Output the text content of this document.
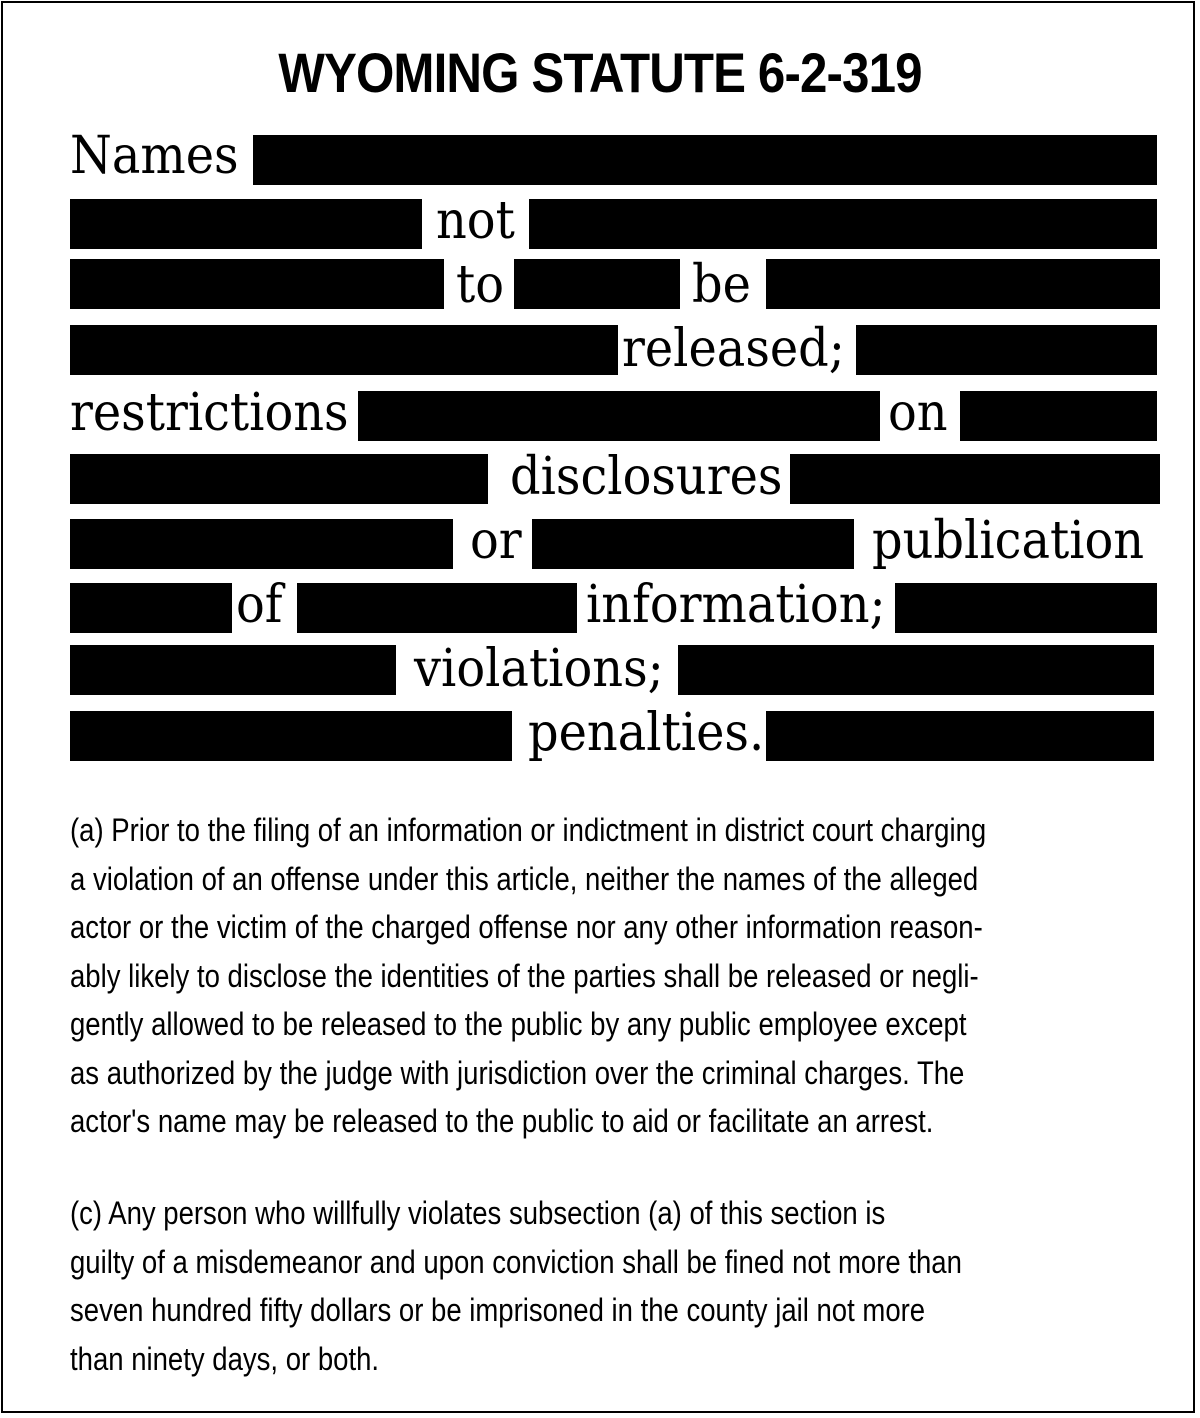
WYOMING STATUTE 6-2-319
Names
not
to	be
released;
restrictions	on
disclosures
or	publication
of	information;
violations;
penalties.
(a) Prior to the filing of an information or indictment in district court charging
a violation of an offense under this article, neither the names of the alleged
actor or the victim of the charged offense nor any other information reason-
ably likely to disclose the identities of the parties shall be released or negli-
gently allowed to be released to the public by any public employee except
as authorized by the judge with jurisdiction over the criminal charges. The
actor's name may be released to the public to aid or facilitate an arrest.
(c) Any person who willfully violates subsection (a) of this section is
guilty of a misdemeanor and upon conviction shall be fined not more than
seven hundred fifty dollars or be imprisoned in the county jail not more
than ninety days, or both.
